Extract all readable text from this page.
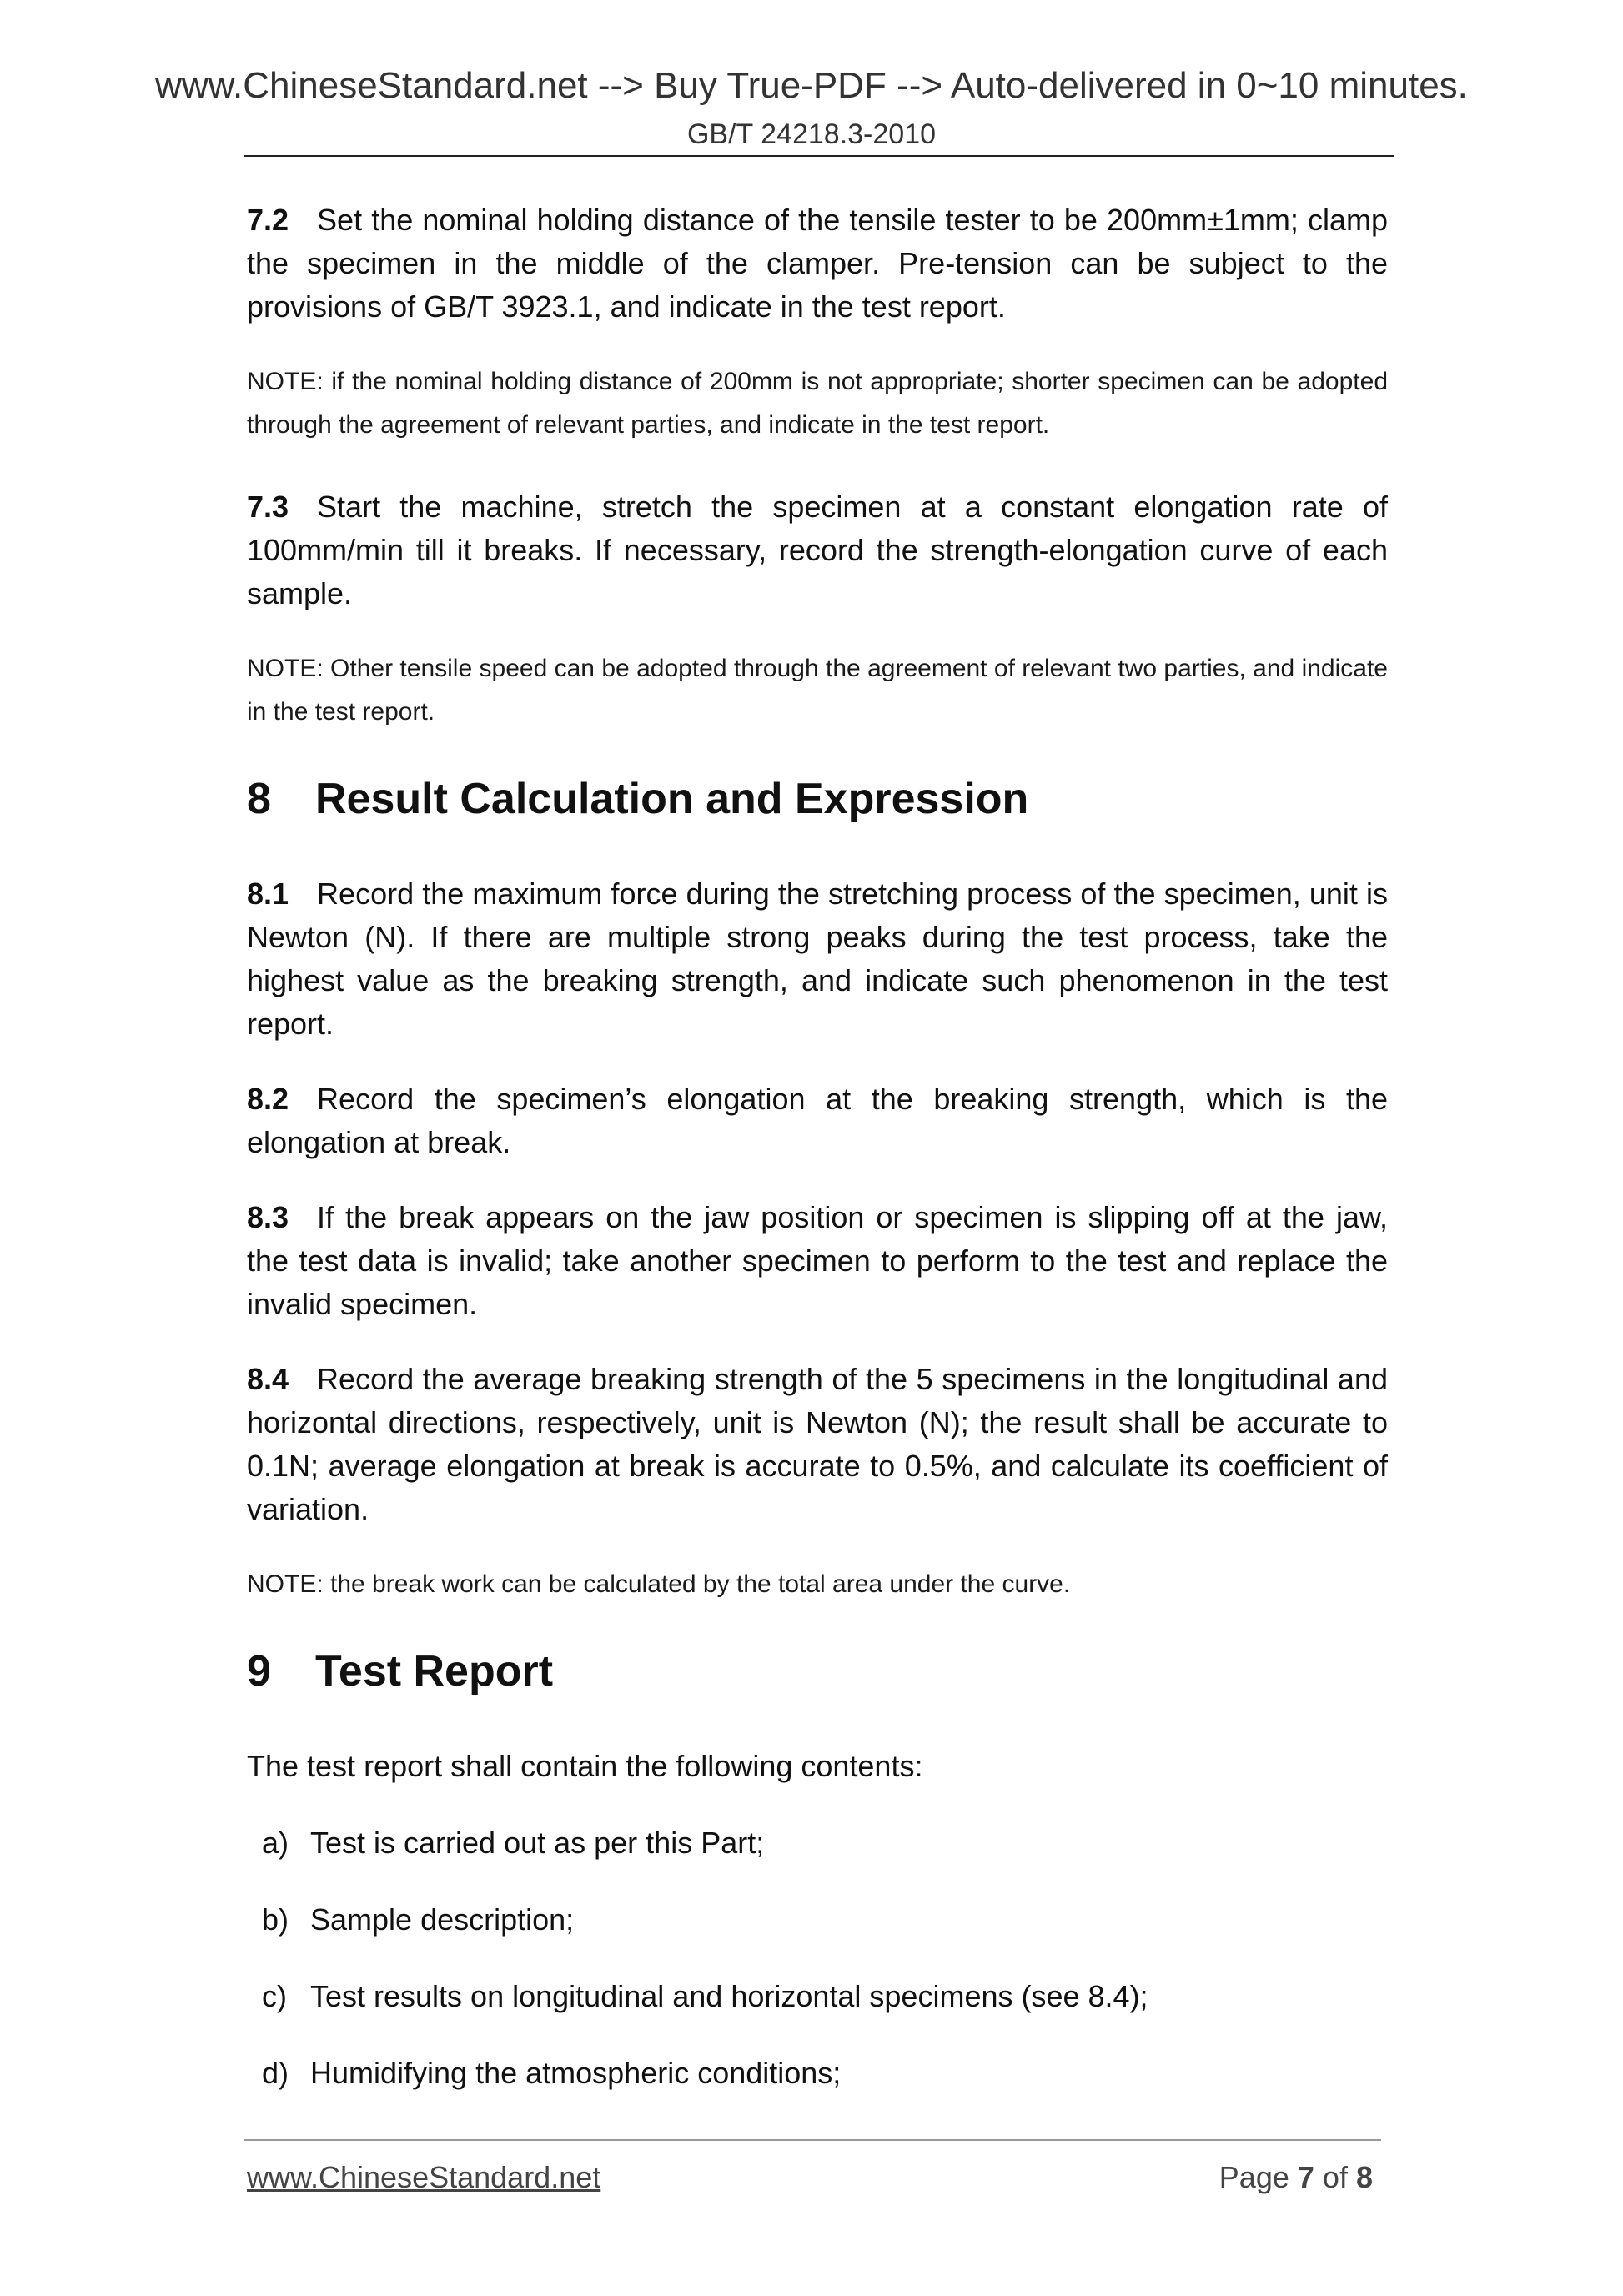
www.ChineseStandard.net --> Buy True-PDF --> Auto-delivered in 0~10 minutes.
GB/T 24218.3-2010

7.2 Set the nominal holding distance of the tensile tester to be 200mm±1mm; clamp the specimen in the middle of the clamper. Pre-tension can be subject to the provisions of GB/T 3923.1, and indicate in the test report.

NOTE: if the nominal holding distance of 200mm is not appropriate; shorter specimen can be adopted through the agreement of relevant parties, and indicate in the test report.

7.3 Start the machine, stretch the specimen at a constant elongation rate of 100mm/min till it breaks. If necessary, record the strength-elongation curve of each sample.

NOTE: Other tensile speed can be adopted through the agreement of relevant two parties, and indicate in the test report.

8 Result Calculation and Expression

8.1 Record the maximum force during the stretching process of the specimen, unit is Newton (N). If there are multiple strong peaks during the test process, take the highest value as the breaking strength, and indicate such phenomenon in the test report.

8.2 Record the specimen’s elongation at the breaking strength, which is the elongation at break.

8.3 If the break appears on the jaw position or specimen is slipping off at the jaw, the test data is invalid; take another specimen to perform to the test and replace the invalid specimen.

8.4 Record the average breaking strength of the 5 specimens in the longitudinal and horizontal directions, respectively, unit is Newton (N); the result shall be accurate to 0.1N; average elongation at break is accurate to 0.5%, and calculate its coefficient of variation.

NOTE: the break work can be calculated by the total area under the curve.

9 Test Report

The test report shall contain the following contents:

a) Test is carried out as per this Part;
b) Sample description;
c) Test results on longitudinal and horizontal specimens (see 8.4);
d) Humidifying the atmospheric conditions;
www.ChineseStandard.net	Page 7 of 8
